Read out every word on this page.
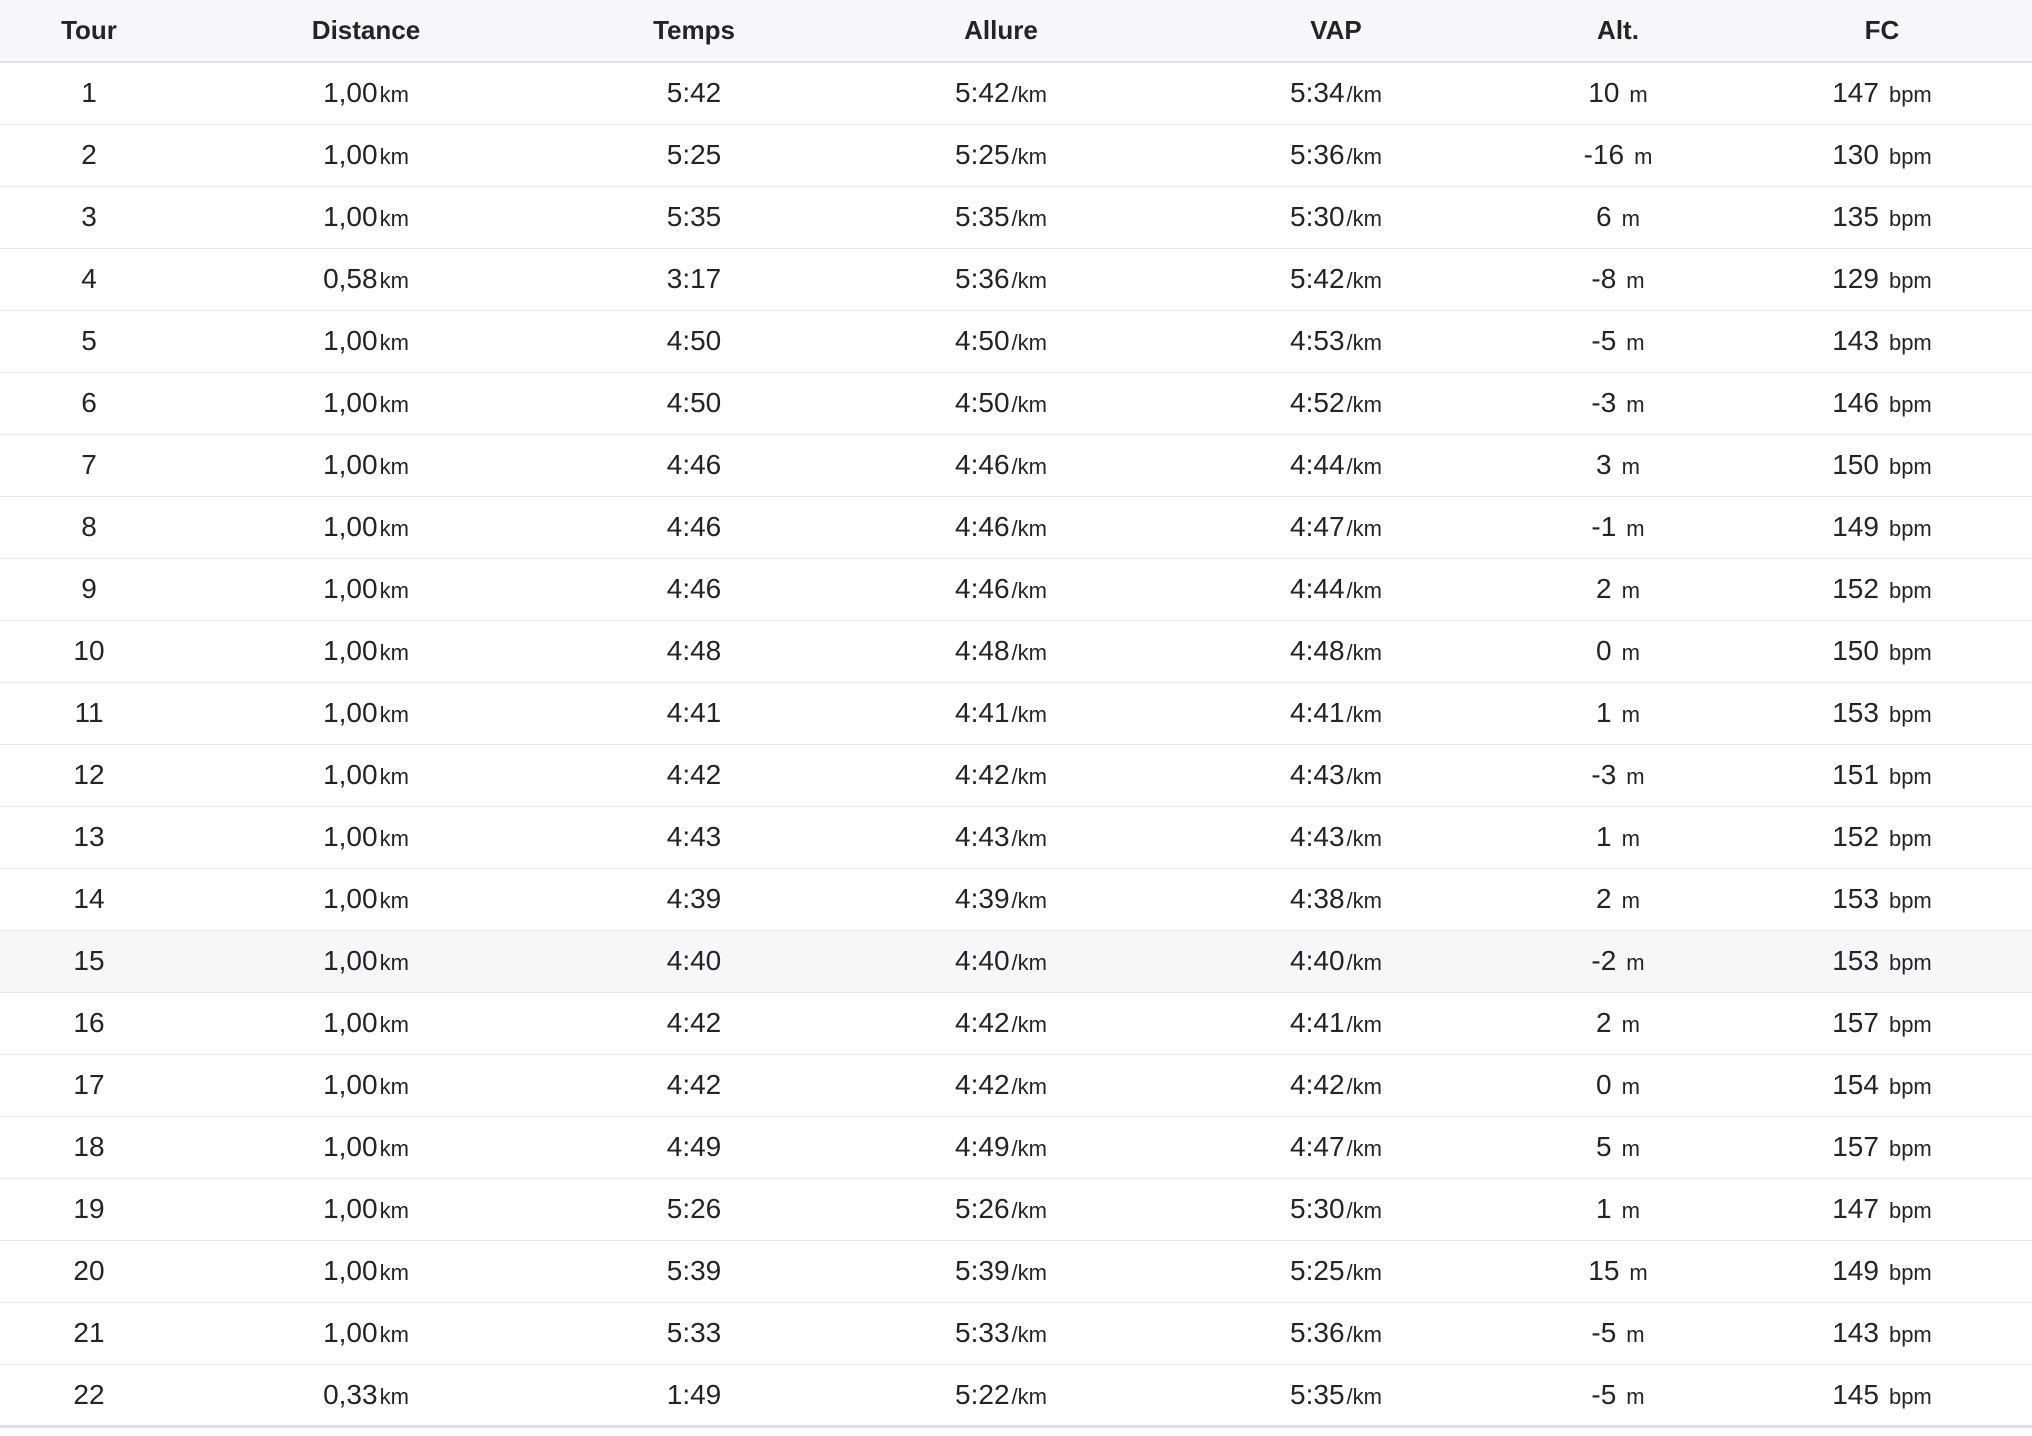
Tour	Distance	Temps	Allure	VAP	Alt.	FC
1	1,00km	5:42	5:42/km	5:34/km	10 m	147 bpm
2	1,00km	5:25	5:25/km	5:36/km	-16 m	130 bpm
3	1,00km	5:35	5:35/km	5:30/km	6 m	135 bpm
4	0,58km	3:17	5:36/km	5:42/km	-8 m	129 bpm
5	1,00km	4:50	4:50/km	4:53/km	-5 m	143 bpm
6	1,00km	4:50	4:50/km	4:52/km	-3 m	146 bpm
7	1,00km	4:46	4:46/km	4:44/km	3 m	150 bpm
8	1,00km	4:46	4:46/km	4:47/km	-1 m	149 bpm
9	1,00km	4:46	4:46/km	4:44/km	2 m	152 bpm
10	1,00km	4:48	4:48/km	4:48/km	0 m	150 bpm
11	1,00km	4:41	4:41/km	4:41/km	1 m	153 bpm
12	1,00km	4:42	4:42/km	4:43/km	-3 m	151 bpm
13	1,00km	4:43	4:43/km	4:43/km	1 m	152 bpm
14	1,00km	4:39	4:39/km	4:38/km	2 m	153 bpm
15	1,00km	4:40	4:40/km	4:40/km	-2 m	153 bpm
16	1,00km	4:42	4:42/km	4:41/km	2 m	157 bpm
17	1,00km	4:42	4:42/km	4:42/km	0 m	154 bpm
18	1,00km	4:49	4:49/km	4:47/km	5 m	157 bpm
19	1,00km	5:26	5:26/km	5:30/km	1 m	147 bpm
20	1,00km	5:39	5:39/km	5:25/km	15 m	149 bpm
21	1,00km	5:33	5:33/km	5:36/km	-5 m	143 bpm
22	0,33km	1:49	5:22/km	5:35/km	-5 m	145 bpm
